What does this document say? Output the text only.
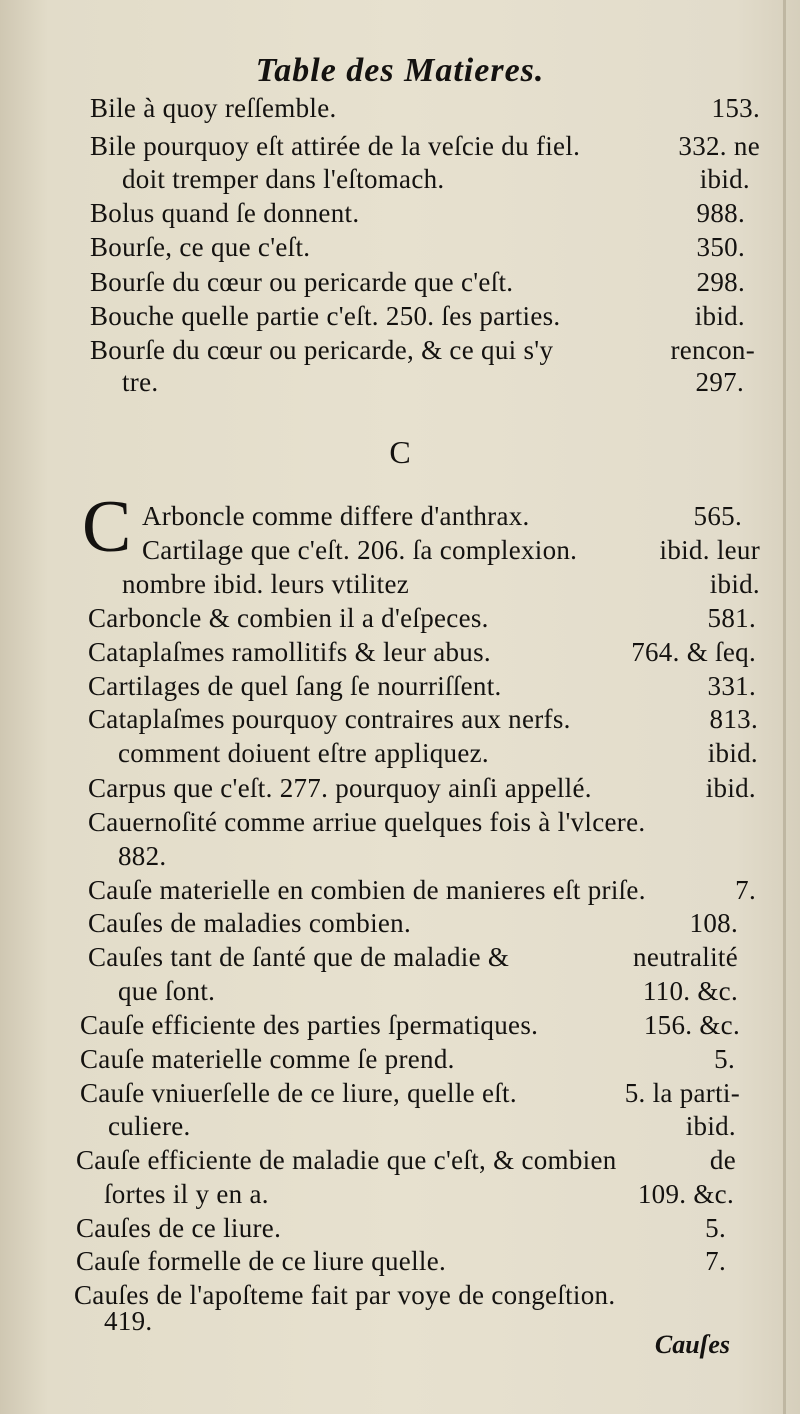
Table des Matieres.
Bile à quoy reſſemble.	153.
Bile pourquoy eſt attirée de la veſcie du fiel.	332. ne
doit tremper dans l'eſtomach.	ibid.
Bolus quand ſe donnent.	988.
Bourſe, ce que c'eſt.	350.
Bourſe du cœur ou pericarde que c'eſt.	298.
Bouche quelle partie c'eſt. 250. ſes parties.	ibid.
Bourſe du cœur ou pericarde, & ce qui s'y	rencon-
tre.	297.
C
C Arboncle comme differe d'anthrax.	565.
Cartilage que c'eſt. 206. ſa complexion.	ibid. leur
nombre ibid. leurs vtilitez	ibid.
Carboncle & combien il a d'eſpeces.	581.
Cataplaſmes ramollitifs & leur abus.	764. & ſeq.
Cartilages de quel ſang ſe nourriſſent.	331.
Cataplaſmes pourquoy contraires aux nerfs.	813.
comment doiuent eſtre appliquez.	ibid.
Carpus que c'eſt. 277. pourquoy ainſi appellé.	ibid.
Cauernoſité comme arriue quelques fois à l'vlcere.
882.
Cauſe materielle en combien de manieres eſt priſe.	7.
Cauſes de maladies combien.	108.
Cauſes tant de ſanté que de maladie &	neutralité
que ſont.	110. &c.
Cauſe efficiente des parties ſpermatiques.	156. &c.
Cauſe materielle comme ſe prend.	5.
Cauſe vniuerſelle de ce liure, quelle eſt.	5. la parti-
culiere.	ibid.
Cauſe efficiente de maladie que c'eſt, & combien	de
ſortes il y en a.	109. &c.
Cauſes de ce liure.	5.
Cauſe formelle de ce liure quelle.	7.
Cauſes de l'apoſteme fait par voye de congeſtion.
419.
Cauſes
